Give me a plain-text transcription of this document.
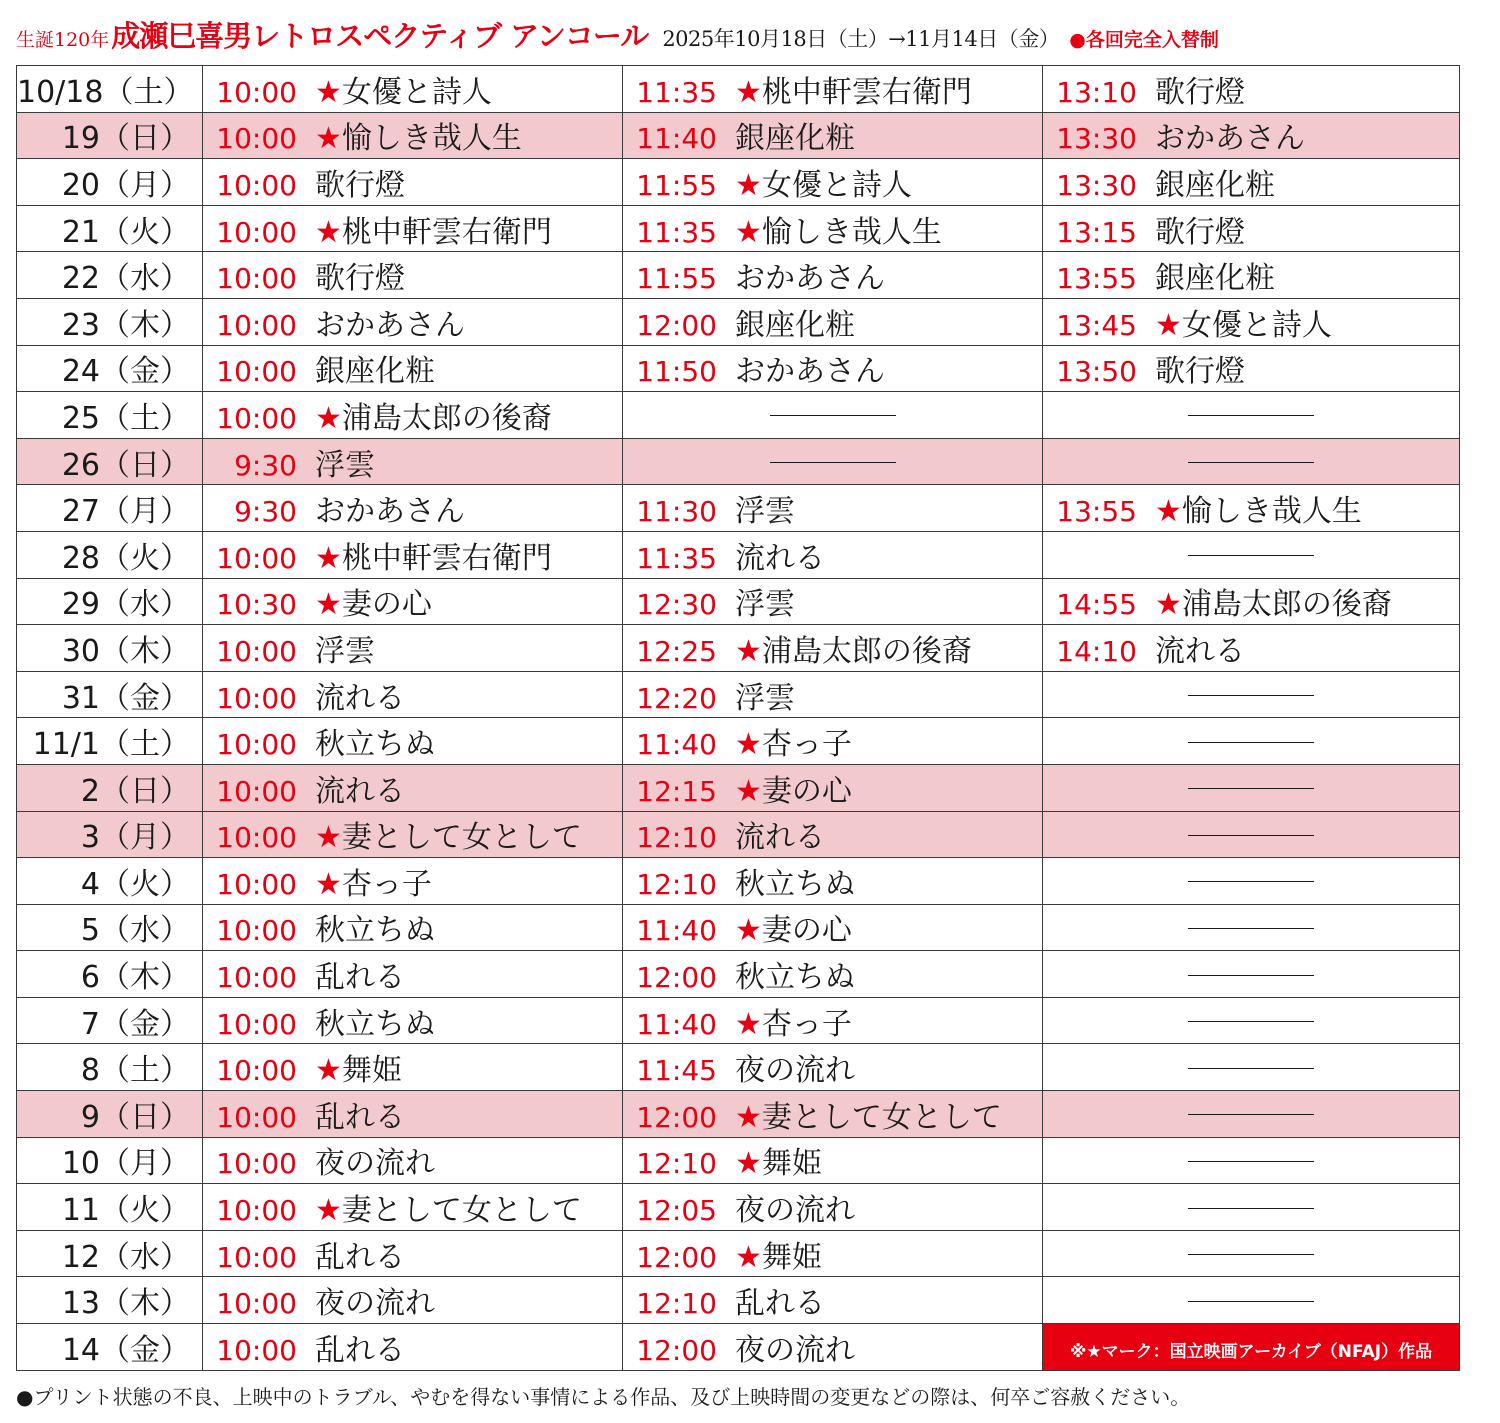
生誕120年 成瀬巳喜男レトロスペクティブ アンコール 2025年10月18日（土）→11月14日（金） ●各回完全入替制
10/18（土）	10:00 ★女優と詩人	11:35 ★桃中軒雲右衛門	13:10 歌行燈
19（日）	10:00 ★愉しき哉人生	11:40 銀座化粧	13:30 おかあさん
20（月）	10:00 歌行燈	11:55 ★女優と詩人	13:30 銀座化粧
21（火）	10:00 ★桃中軒雲右衛門	11:35 ★愉しき哉人生	13:15 歌行燈
22（水）	10:00 歌行燈	11:55 おかあさん	13:55 銀座化粧
23（木）	10:00 おかあさん	12:00 銀座化粧	13:45 ★女優と詩人
24（金）	10:00 銀座化粧	11:50 おかあさん	13:50 歌行燈
25（土）	10:00 ★浦島太郎の後裔		
26（日）	9:30 浮雲		
27（月）	9:30 おかあさん	11:30 浮雲	13:55 ★愉しき哉人生
28（火）	10:00 ★桃中軒雲右衛門	11:35 流れる	
29（水）	10:30 ★妻の心	12:30 浮雲	14:55 ★浦島太郎の後裔
30（木）	10:00 浮雲	12:25 ★浦島太郎の後裔	14:10 流れる
31（金）	10:00 流れる	12:20 浮雲	
11/1（土）	10:00 秋立ちぬ	11:40 ★杏っ子	
2（日）	10:00 流れる	12:15 ★妻の心	
3（月）	10:00 ★妻として女として	12:10 流れる	
4（火）	10:00 ★杏っ子	12:10 秋立ちぬ	
5（水）	10:00 秋立ちぬ	11:40 ★妻の心	
6（木）	10:00 乱れる	12:00 秋立ちぬ	
7（金）	10:00 秋立ちぬ	11:40 ★杏っ子	
8（土）	10:00 ★舞姫	11:45 夜の流れ	
9（日）	10:00 乱れる	12:00 ★妻として女として	
10（月）	10:00 夜の流れ	12:10 ★舞姫	
11（火）	10:00 ★妻として女として	12:05 夜の流れ	
12（水）	10:00 乱れる	12:00 ★舞姫	
13（木）	10:00 夜の流れ	12:10 乱れる	
14（金）	10:00 乱れる	12:00 夜の流れ	※★マーク：国立映画アーカイブ（NFAJ）作品
●プリント状態の不良、上映中のトラブル、やむを得ない事情による作品、及び上映時間の変更などの際は、何卒ご容赦ください。
